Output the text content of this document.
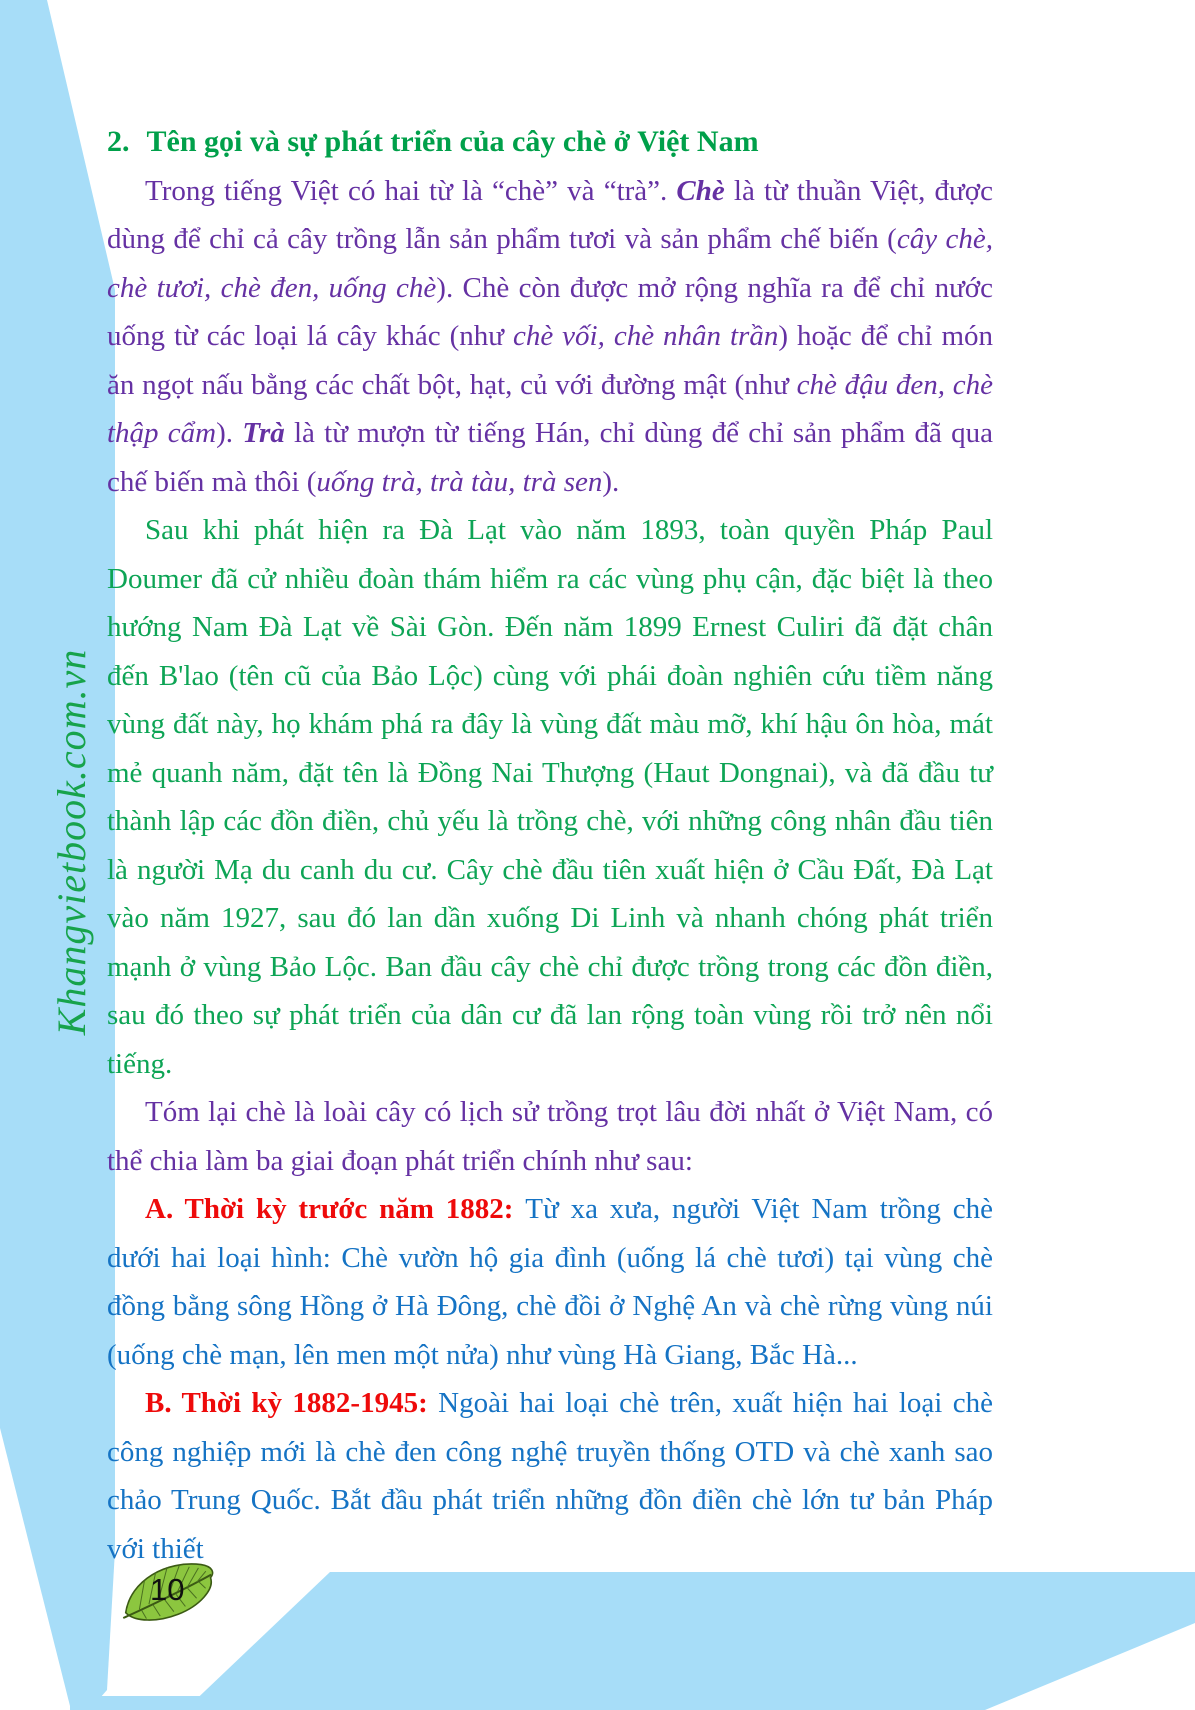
Khangvietbook.com.vn
2. Tên gọi và sự phát triển của cây chè ở Việt Nam

Trong tiếng Việt có hai từ là “chè” và “trà”. Chè là từ thuần Việt, được dùng để chỉ cả cây trồng lẫn sản phẩm tươi và sản phẩm chế biến (cây chè, chè tươi, chè đen, uống chè). Chè còn được mở rộng nghĩa ra để chỉ nước uống từ các loại lá cây khác (như chè vối, chè nhân trần) hoặc để chỉ món ăn ngọt nấu bằng các chất bột, hạt, củ với đường mật (như chè đậu đen, chè thập cẩm). Trà là từ mượn từ tiếng Hán, chỉ dùng để chỉ sản phẩm đã qua chế biến mà thôi (uống trà, trà tàu, trà sen).

Sau khi phát hiện ra Đà Lạt vào năm 1893, toàn quyền Pháp Paul Doumer đã cử nhiều đoàn thám hiểm ra các vùng phụ cận, đặc biệt là theo hướng Nam Đà Lạt về Sài Gòn. Đến năm 1899 Ernest Culiri đã đặt chân đến B'lao (tên cũ của Bảo Lộc) cùng với phái đoàn nghiên cứu tiềm năng vùng đất này, họ khám phá ra đây là vùng đất màu mỡ, khí hậu ôn hòa, mát mẻ quanh năm, đặt tên là Đồng Nai Thượng (Haut Dongnai), và đã đầu tư thành lập các đồn điền, chủ yếu là trồng chè, với những công nhân đầu tiên là người Mạ du canh du cư. Cây chè đầu tiên xuất hiện ở Cầu Đất, Đà Lạt vào năm 1927, sau đó lan dần xuống Di Linh và nhanh chóng phát triển mạnh ở vùng Bảo Lộc. Ban đầu cây chè chỉ được trồng trong các đồn điền, sau đó theo sự phát triển của dân cư đã lan rộng toàn vùng rồi trở nên nổi tiếng.

Tóm lại chè là loài cây có lịch sử trồng trọt lâu đời nhất ở Việt Nam, có thể chia làm ba giai đoạn phát triển chính như sau:

A. Thời kỳ trước năm 1882: Từ xa xưa, người Việt Nam trồng chè dưới hai loại hình: Chè vườn hộ gia đình (uống lá chè tươi) tại vùng chè đồng bằng sông Hồng ở Hà Đông, chè đồi ở Nghệ An và chè rừng vùng núi (uống chè mạn, lên men một nửa) như vùng Hà Giang, Bắc Hà...

B. Thời kỳ 1882-1945: Ngoài hai loại chè trên, xuất hiện hai loại chè công nghiệp mới là chè đen công nghệ truyền thống OTD và chè xanh sao chảo Trung Quốc. Bắt đầu phát triển những đồn điền chè lớn tư bản Pháp với thiết

10
